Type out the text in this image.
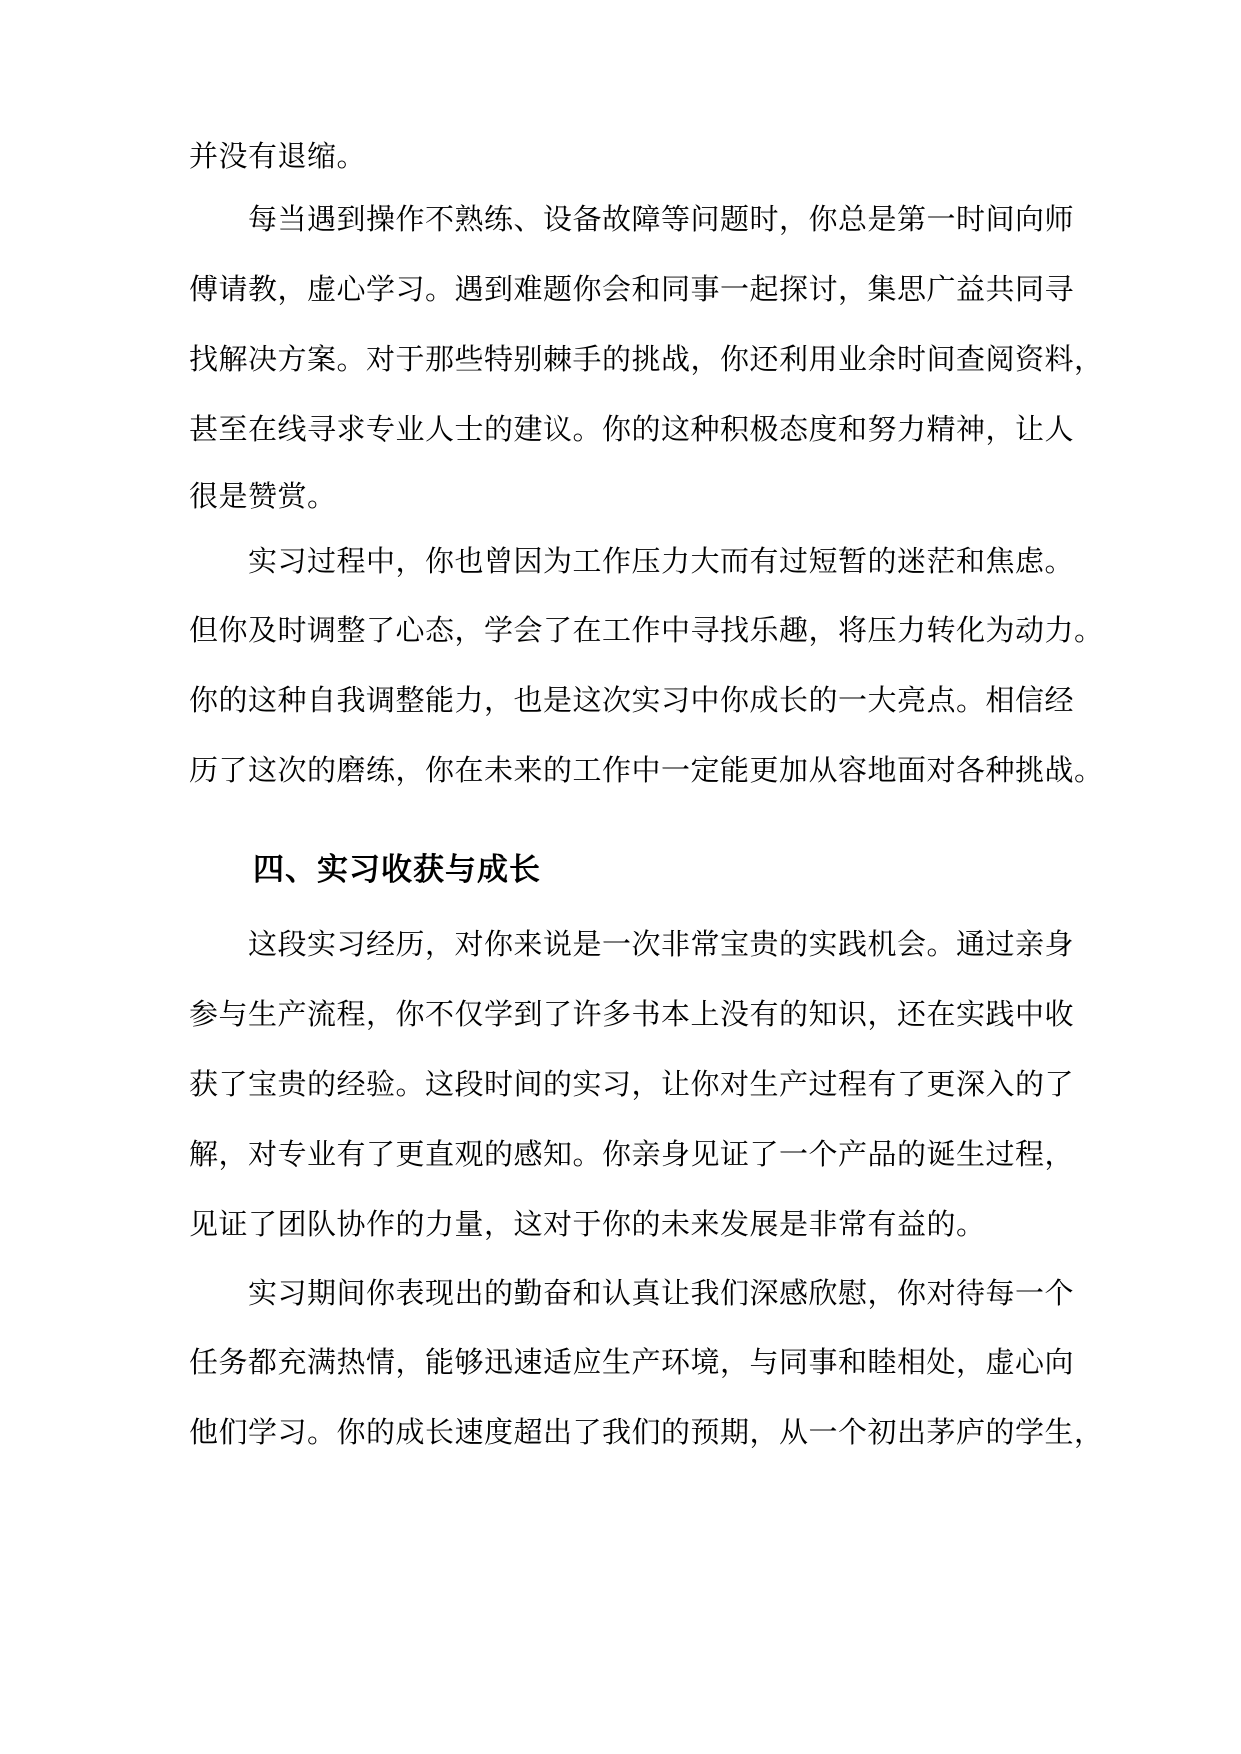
并没有退缩。
每当遇到操作不熟练、设备故障等问题时，你总是第一时间向师
傅请教，虚心学习。遇到难题你会和同事一起探讨，集思广益共同寻
找解决方案。对于那些特别棘手的挑战，你还利用业余时间查阅资料，
甚至在线寻求专业人士的建议。你的这种积极态度和努力精神，让人
很是赞赏。
实习过程中，你也曾因为工作压力大而有过短暂的迷茫和焦虑。
但你及时调整了心态，学会了在工作中寻找乐趣，将压力转化为动力。
你的这种自我调整能力，也是这次实习中你成长的一大亮点。相信经
历了这次的磨练，你在未来的工作中一定能更加从容地面对各种挑战。
四、实习收获与成长
这段实习经历，对你来说是一次非常宝贵的实践机会。通过亲身
参与生产流程，你不仅学到了许多书本上没有的知识，还在实践中收
获了宝贵的经验。这段时间的实习，让你对生产过程有了更深入的了
解，对专业有了更直观的感知。你亲身见证了一个产品的诞生过程，
见证了团队协作的力量，这对于你的未来发展是非常有益的。
实习期间你表现出的勤奋和认真让我们深感欣慰，你对待每一个
任务都充满热情，能够迅速适应生产环境，与同事和睦相处，虚心向
他们学习。你的成长速度超出了我们的预期，从一个初出茅庐的学生，
